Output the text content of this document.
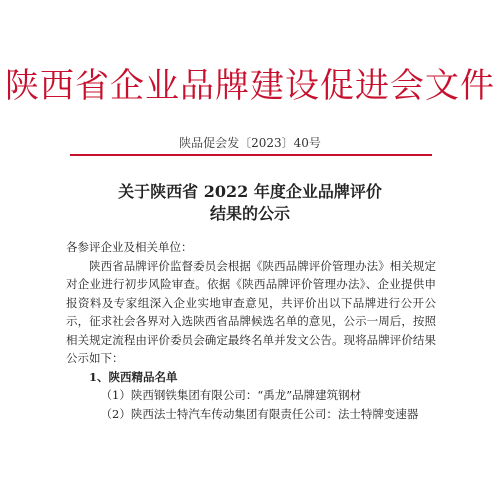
陕西省企业品牌建设促进会文件
陕品促会发〔2023〕40号
关于陕西省 2022 年度企业品牌评价
结果的公示

各参评企业及相关单位：

陕西省品牌评价监督委员会根据《陕西品牌评价管理办法》相关规定对企业进行初步风险审查。依据《陕西品牌评价管理办法》、企业提供申报资料及专家组深入企业实地审查意见，共评价出以下品牌进行公开公示，征求社会各界对入选陕西省品牌候选名单的意见，公示一周后，按照相关规定流程由评价委员会确定最终名单并发文公告。现将品牌评价结果公示如下：

1、陕西精品名单

（1）陕西钢铁集团有限公司：“禹龙”品牌建筑钢材

（2）陕西法士特汽车传动集团有限责任公司：法士特牌变速器
